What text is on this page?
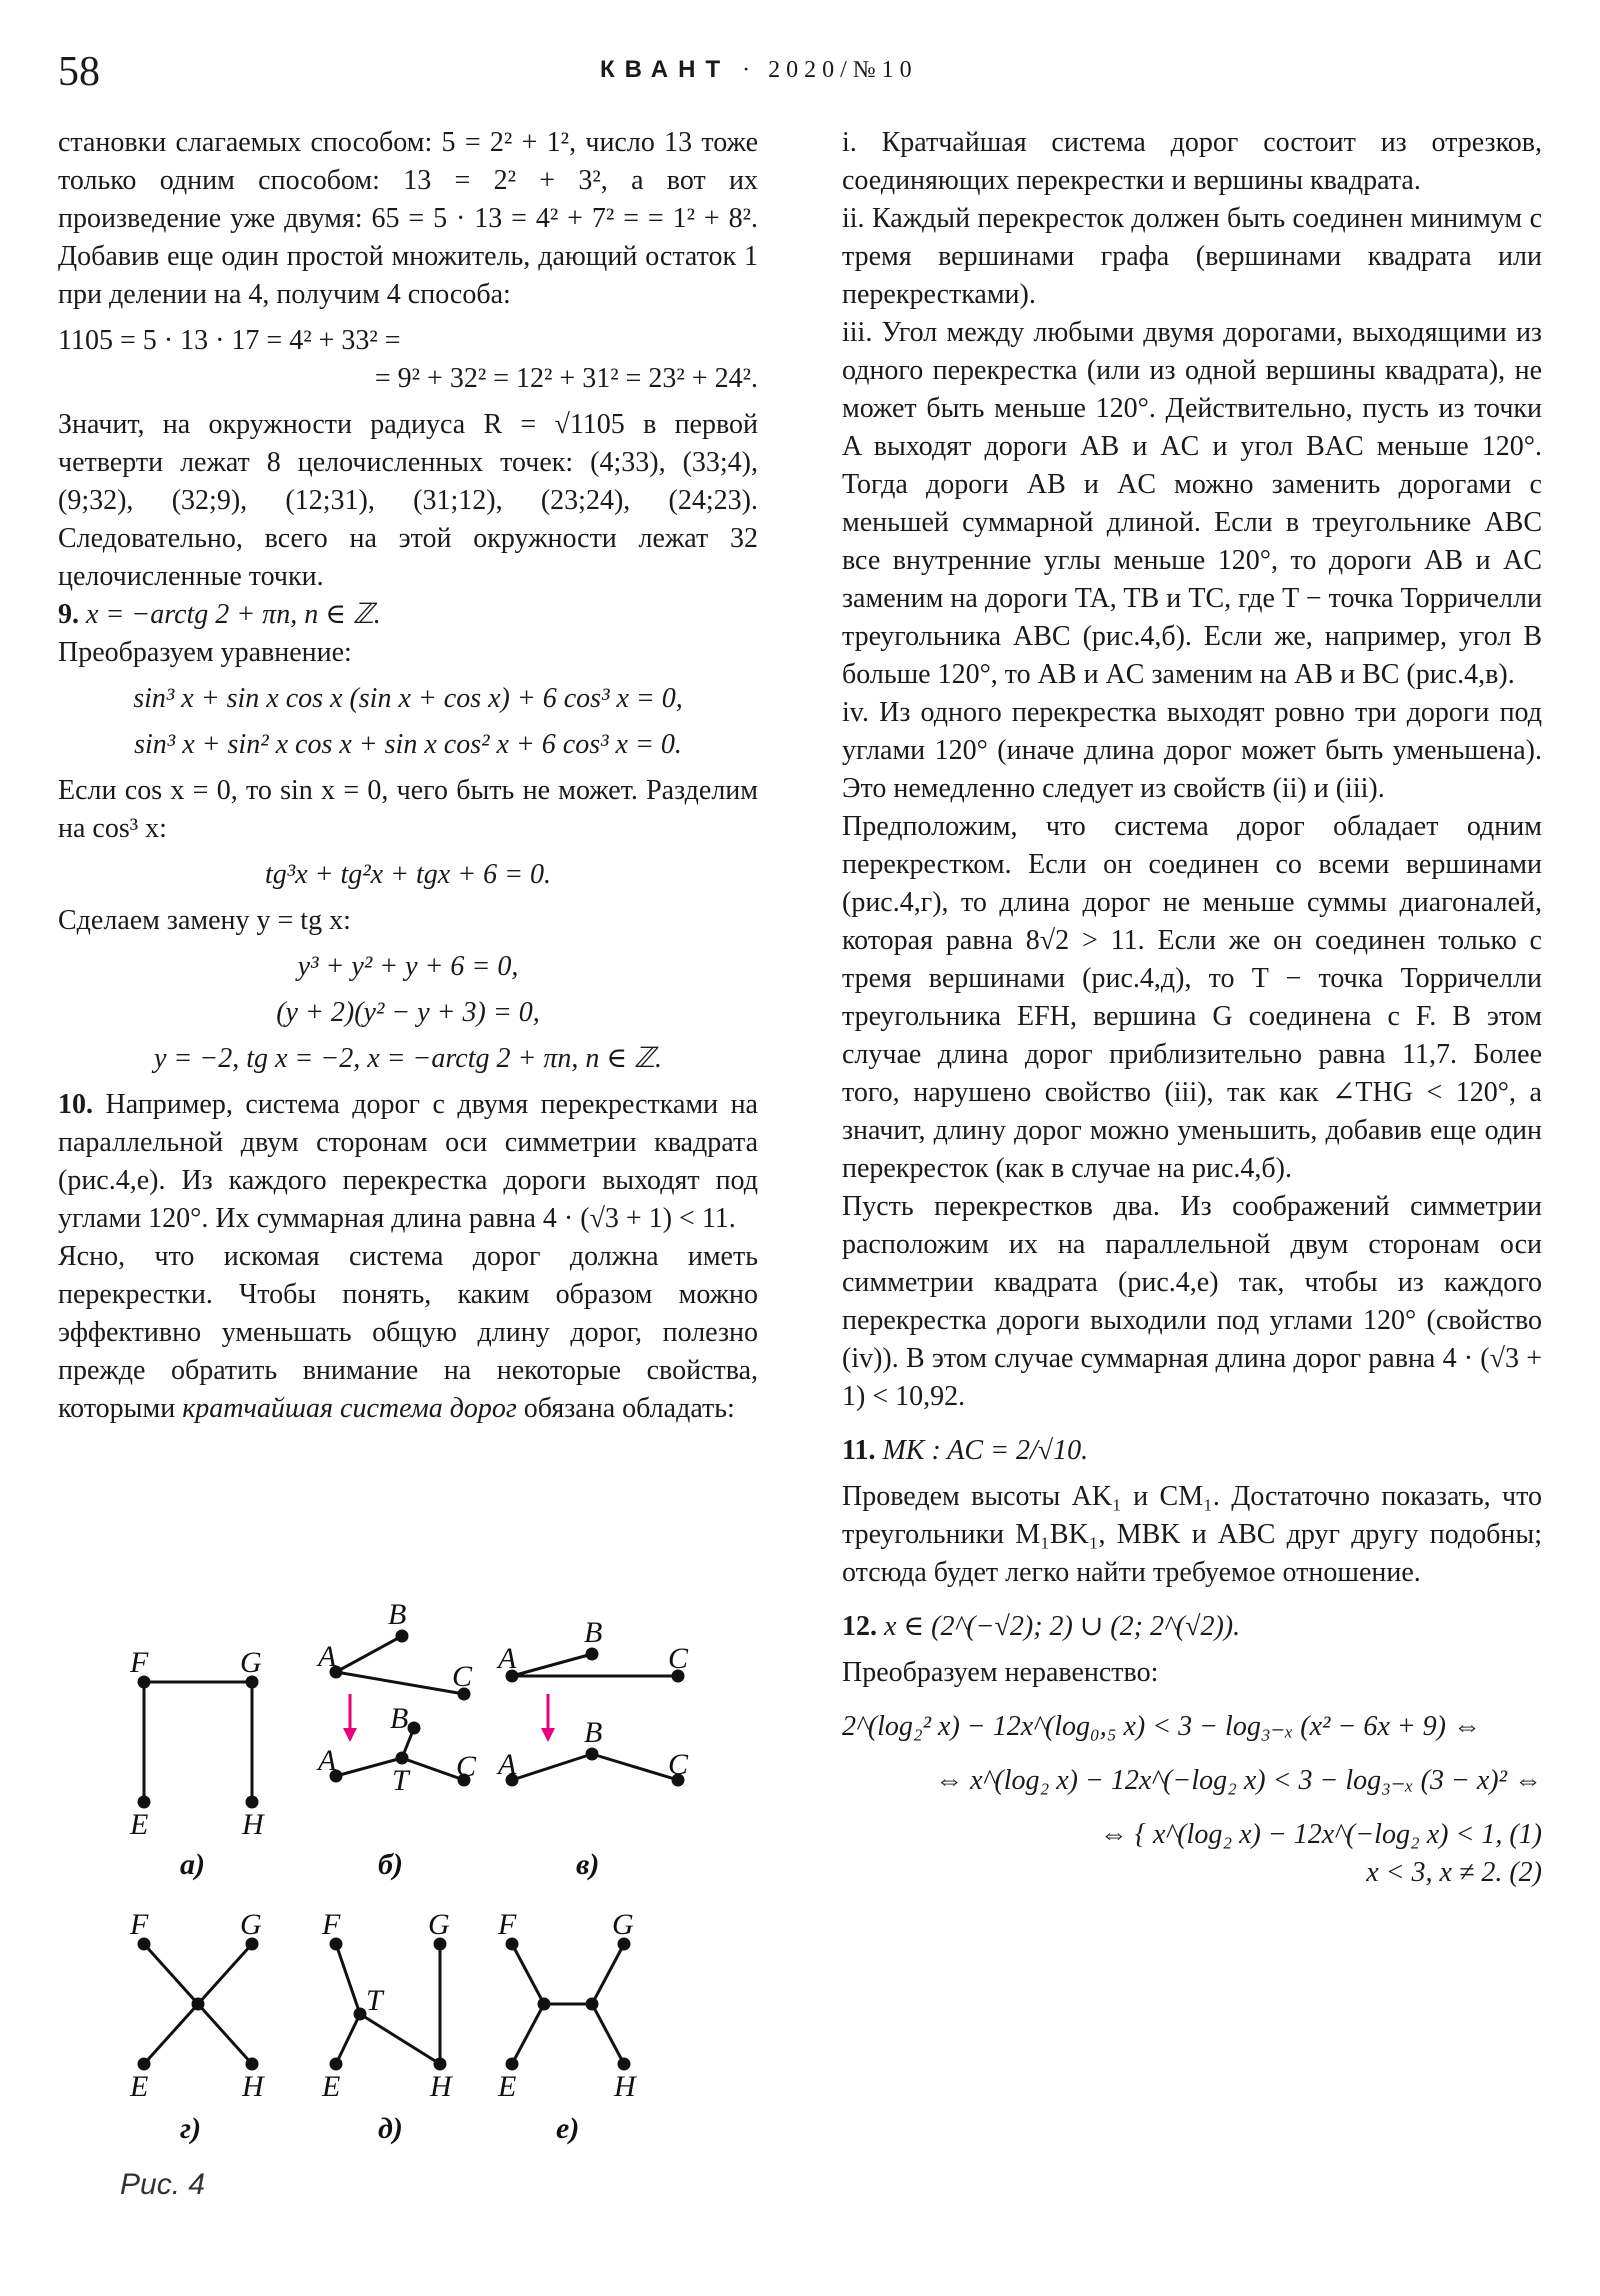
58	КВАНТ · 2020/№10

становки слагаемых способом: 5 = 2² + 1², число 13 тоже только одним способом: 13 = 2² + 3², а вот их произведение уже двумя: 65 = 5 · 13 = 4² + 7² = = 1² + 8². Добавив еще один простой множитель, дающий остаток 1 при делении на 4, получим 4 способа:

1105 = 5 · 13 · 17 = 4² + 33² =

= 9² + 32² = 12² + 31² = 23² + 24².

Значит, на окружности радиуса R = √1105 в первой четверти лежат 8 целочисленных точек: (4;33), (33;4), (9;32), (32;9), (12;31), (31;12), (23;24), (24;23). Следовательно, всего на этой окружности лежат 32 целочисленные точки.

9. x = −arctg 2 + πn, n ∈ ℤ.

Преобразуем уравнение:

sin³ x + sin x cos x (sin x + cos x) + 6 cos³ x = 0,

sin³ x + sin² x cos x + sin x cos² x + 6 cos³ x = 0.

Если cos x = 0, то sin x = 0, чего быть не может. Разделим на cos³ x:

tg³x + tg²x + tgx + 6 = 0.

Сделаем замену y = tg x:

y³ + y² + y + 6 = 0,

(y + 2)(y² − y + 3) = 0,

y = −2, tg x = −2, x = −arctg 2 + πn, n ∈ ℤ.

10. Например, система дорог с двумя перекрестками на параллельной двум сторонам оси симметрии квадрата (рис.4,е). Из каждого перекрестка дороги выходят под углами 120°. Их суммарная длина равна 4 · (√3 + 1) < 11.

Ясно, что искомая система дорог должна иметь перекрестки. Чтобы понять, каким образом можно эффективно уменьшать общую длину дорог, полезно прежде обратить внимание на некоторые свойства, которыми кратчайшая система дорог обязана обладать:

i. Кратчайшая система дорог состоит из отрезков, соединяющих перекрестки и вершины квадрата.

ii. Каждый перекресток должен быть соединен минимум с тремя вершинами графа (вершинами квадрата или перекрестками).

iii. Угол между любыми двумя дорогами, выходящими из одного перекрестка (или из одной вершины квадрата), не может быть меньше 120°. Действительно, пусть из точки A выходят дороги AB и AC и угол BAC меньше 120°. Тогда дороги AB и AC можно заменить дорогами с меньшей суммарной длиной. Если в треугольнике ABC все внутренние углы меньше 120°, то дороги AB и AC заменим на дороги TA, TB и TC, где T − точка Торричелли треугольника ABC (рис.4,б). Если же, например, угол B больше 120°, то AB и AC заменим на AB и BC (рис.4,в).

iv. Из одного перекрестка выходят ровно три дороги под углами 120° (иначе длина дорог может быть уменьшена). Это немедленно следует из свойств (ii) и (iii).

Предположим, что система дорог обладает одним перекрестком. Если он соединен со всеми вершинами (рис.4,г), то длина дорог не меньше суммы диагоналей, которая равна 8√2 > 11. Если же он соединен только с тремя вершинами (рис.4,д), то T − точка Торричелли треугольника EFH, вершина G соединена с F. В этом случае длина дорог приблизительно равна 11,7. Более того, нарушено свойство (iii), так как ∠THG < 120°, а значит, длину дорог можно уменьшить, добавив еще один перекресток (как в случае на рис.4,б).

Пусть перекрестков два. Из соображений симметрии расположим их на параллельной двум сторонам оси симметрии квадрата (рис.4,е) так, чтобы из каждого перекрестка дороги выходили под углами 120° (свойство (iv)). В этом случае суммарная длина дорог равна 4 · (√3 + 1) < 10,92.

11. MK : AC = 2/√10.

Проведем высоты AK₁ и CM₁. Достаточно показать, что треугольники M₁BK₁, MBK и ABC друг другу подобны; отсюда будет легко найти требуемое отношение.

12. x ∈ (2^(−√2); 2) ∪ (2; 2^(√2)).

Преобразуем неравенство:

2^(log₂² x) − 12x^(log₀,₅ x) < 3 − log₃₋ₓ (x² − 6x + 9) ⇔

⇔ x^(log₂ x) − 12x^(−log₂ x) < 3 − log₃₋ₓ (3 − x)² ⇔

⇔ { x^(log₂ x) − 12x^(−log₂ x) < 1, (1)

x < 3, x ≠ 2. (2)

F	G
E	H
A
B
C
A
B
T C
A
B
C
A
B
C
F	G
E	H
F	G
T
E	H
F	G
E	H
а)	б)	в)
г)	д)	е)
Рис. 4
